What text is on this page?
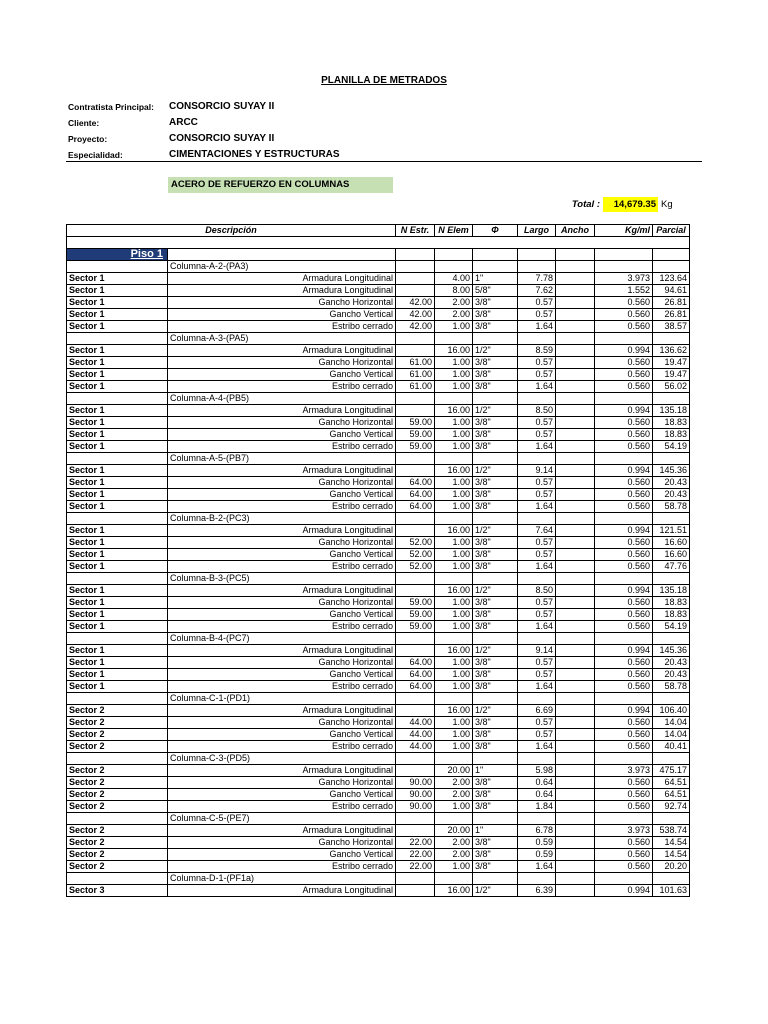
PLANILLA DE METRADOS
Contratista Principal: CONSORCIO SUYAY II
Cliente:	ARCC
Proyecto:	CONSORCIO SUYAY II
Especialidad:	CIMENTACIONES Y ESTRUCTURAS
ACERO DE REFUERZO EN COLUMNAS
Total :	14,679.35 Kg
Descripción		N Estr.	N Elem	Φ	Largo	Ancho	Kg/ml	Parcial

Piso 1								
	Columna-A-2-(PA3)							
Sector 1	Armadura Longitudinal		4.00	1"	7.78		3.973	123.64
Sector 1	Armadura Longitudinal		8.00	5/8"	7.62		1.552	94.61
Sector 1	Gancho Horizontal	42.00	2.00	3/8"	0.57		0.560	26.81
Sector 1	Gancho Vertical	42.00	2.00	3/8"	0.57		0.560	26.81
Sector 1	Estribo cerrado	42.00	1.00	3/8"	1.64		0.560	38.57
	Columna-A-3-(PA5)							
Sector 1	Armadura Longitudinal		16.00	1/2"	8.59		0.994	136.62
Sector 1	Gancho Horizontal	61.00	1.00	3/8"	0.57		0.560	19.47
Sector 1	Gancho Vertical	61.00	1.00	3/8"	0.57		0.560	19.47
Sector 1	Estribo cerrado	61.00	1.00	3/8"	1.64		0.560	56.02
	Columna-A-4-(PB5)							
Sector 1	Armadura Longitudinal		16.00	1/2"	8.50		0.994	135.18
Sector 1	Gancho Horizontal	59.00	1.00	3/8"	0.57		0.560	18.83
Sector 1	Gancho Vertical	59.00	1.00	3/8"	0.57		0.560	18.83
Sector 1	Estribo cerrado	59.00	1.00	3/8"	1.64		0.560	54.19
	Columna-A-5-(PB7)							
Sector 1	Armadura Longitudinal		16.00	1/2"	9.14		0.994	145.36
Sector 1	Gancho Horizontal	64.00	1.00	3/8"	0.57		0.560	20.43
Sector 1	Gancho Vertical	64.00	1.00	3/8"	0.57		0.560	20.43
Sector 1	Estribo cerrado	64.00	1.00	3/8"	1.64		0.560	58.78
	Columna-B-2-(PC3)							
Sector 1	Armadura Longitudinal		16.00	1/2"	7.64		0.994	121.51
Sector 1	Gancho Horizontal	52.00	1.00	3/8"	0.57		0.560	16.60
Sector 1	Gancho Vertical	52.00	1.00	3/8"	0.57		0.560	16.60
Sector 1	Estribo cerrado	52.00	1.00	3/8"	1.64		0.560	47.76
	Columna-B-3-(PC5)							
Sector 1	Armadura Longitudinal		16.00	1/2"	8.50		0.994	135.18
Sector 1	Gancho Horizontal	59.00	1.00	3/8"	0.57		0.560	18.83
Sector 1	Gancho Vertical	59.00	1.00	3/8"	0.57		0.560	18.83
Sector 1	Estribo cerrado	59.00	1.00	3/8"	1.64		0.560	54.19
	Columna-B-4-(PC7)							
Sector 1	Armadura Longitudinal		16.00	1/2"	9.14		0.994	145.36
Sector 1	Gancho Horizontal	64.00	1.00	3/8"	0.57		0.560	20.43
Sector 1	Gancho Vertical	64.00	1.00	3/8"	0.57		0.560	20.43
Sector 1	Estribo cerrado	64.00	1.00	3/8"	1.64		0.560	58.78
	Columna-C-1-(PD1)							
Sector 2	Armadura Longitudinal		16.00	1/2"	6.69		0.994	106.40
Sector 2	Gancho Horizontal	44.00	1.00	3/8"	0.57		0.560	14.04
Sector 2	Gancho Vertical	44.00	1.00	3/8"	0.57		0.560	14.04
Sector 2	Estribo cerrado	44.00	1.00	3/8"	1.64		0.560	40.41
	Columna-C-3-(PD5)							
Sector 2	Armadura Longitudinal		20.00	1"	5.98		3.973	475.17
Sector 2	Gancho Horizontal	90.00	2.00	3/8"	0.64		0.560	64.51
Sector 2	Gancho Vertical	90.00	2.00	3/8"	0.64		0.560	64.51
Sector 2	Estribo cerrado	90.00	1.00	3/8"	1.84		0.560	92.74
	Columna-C-5-(PE7)							
Sector 2	Armadura Longitudinal		20.00	1"	6.78		3.973	538.74
Sector 2	Gancho Horizontal	22.00	2.00	3/8"	0.59		0.560	14.54
Sector 2	Gancho Vertical	22.00	2.00	3/8"	0.59		0.560	14.54
Sector 2	Estribo cerrado	22.00	1.00	3/8"	1.64		0.560	20.20
	Columna-D-1-(PF1a)							
Sector 3	Armadura Longitudinal		16.00	1/2"	6.39		0.994	101.63
